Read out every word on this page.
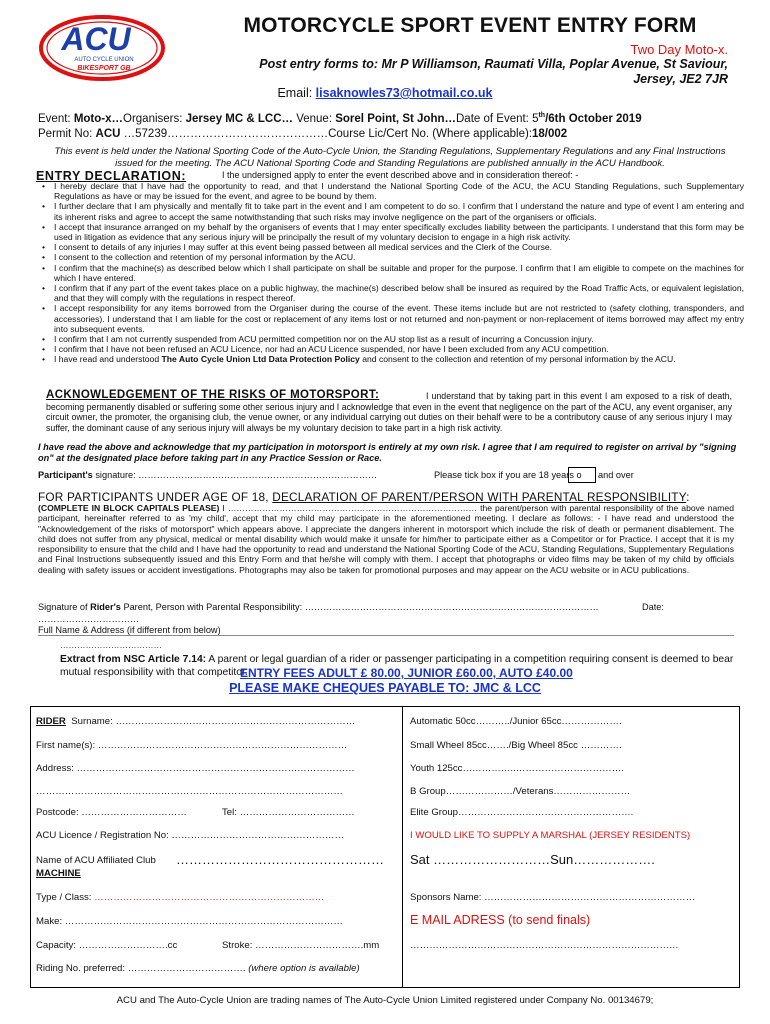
ACU
AUTO CYCLE UNION
BIKESPORT GB
MOTORCYCLE SPORT EVENT ENTRY FORM
Two Day Moto-x.
Post entry forms to: Mr P Williamson, Raumati Villa, Poplar Avenue, St Saviour,
Jersey, JE2 7JR
Email: lisaknowles73@hotmail.co.uk
Event: Moto-x…Organisers: Jersey MC & LCC… Venue: Sorel Point, St John…Date of Event: 5th/6th October 2019
Permit No: ACU …57239……………………………………Course Lic/Cert No. (Where applicable):18/002
This event is held under the National Sporting Code of the Auto-Cycle Union, the Standing Regulations, Supplementary Regulations and any Final Instructions issued for the meeting. The ACU National Sporting Code and Standing Regulations are published annually in the ACU Handbook.
ENTRY DECLARATION:	I the undersigned apply to enter the event described above and in consideration thereof: -
• I hereby declare that I have had the opportunity to read, and that I understand the National Sporting Code of the ACU, the ACU Standing Regulations, such Supplementary Regulations as have or may be issued for the event, and agree to be bound by them.
• I further declare that I am physically and mentally fit to take part in the event and I am competent to do so. I confirm that I understand the nature and type of event I am entering and its inherent risks and agree to accept the same notwithstanding that such risks may involve negligence on the part of the organisers or officials.
• I accept that insurance arranged on my behalf by the organisers of events that I may enter specifically excludes liability between the participants. I understand that this form may be used in litigation as evidence that any serious injury will be principally the result of my voluntary decision to engage in a high risk activity.
• I consent to details of any injuries I may suffer at this event being passed between all medical services and the Clerk of the Course.
• I consent to the collection and retention of my personal information by the ACU.
• I confirm that the machine(s) as described below which I shall participate on shall be suitable and proper for the purpose. I confirm that I am eligible to compete on the machines for which I have entered.
• I confirm that if any part of the event takes place on a public highway, the machine(s) described below shall be insured as required by the Road Traffic Acts, or equivalent legislation, and that they will comply with the regulations in respect thereof.
• I accept responsibility for any items borrowed from the Organiser during the course of the event. These items include but are not restricted to (safety clothing, transponders, and accessories). I understand that I am liable for the cost or replacement of any items lost or not returned and non-payment or non-replacement of items borrowed may affect my entry into subsequent events.
• I confirm that I am not currently suspended from ACU permitted competition nor on the AU stop list as a result of incurring a Concussion injury.
• I confirm that I have not been refused an ACU Licence, nor had an ACU Licence suspended, nor have I been excluded from any ACU competition.
• I have read and understood The Auto Cycle Union Ltd Data Protection Policy and consent to the collection and retention of my personal information by the ACU.
ACKNOWLEDGEMENT OF THE RISKS OF MOTORSPORT:	I understand that by taking part in this event I am exposed to a risk of death, becoming permanently disabled or suffering some other serious injury and I acknowledge that even in the event that negligence on the part of the ACU, any event organiser, any circuit owner, the promoter, the organising club, the venue owner, or any individual carrying out duties on their behalf were to be a contributory cause of any serious injury I may suffer, the dominant cause of any serious injury will always be my voluntary decision to take part in a high risk activity.
I have read the above and acknowledge that my participation in motorsport is entirely at my own risk. I agree that I am required to register on arrival by "signing on" at the designated place before taking part in any Practice Session or Race.
Participant's signature: ……………………………………………………………………	Please tick box if you are 18 years o and over
FOR PARTICIPANTS UNDER AGE OF 18, DECLARATION OF PARENT/PERSON WITH PARENTAL RESPONSIBILITY:
(COMPLETE IN BLOCK CAPITALS PLEASE) I …………………………………………………………………………… the parent/person with parental responsibility of the above named participant, hereinafter referred to as 'my child', accept that my child may participate in the aforementioned meeting. I declare as follows: - I have read and understood the "Acknowledgement of the risks of motorsport" which appears above. I appreciate the dangers inherent in motorsport which include the risk of death or permanent disablement. The child does not suffer from any physical, medical or mental disability which would make it unsafe for him/her to participate either as a Competitor or for Practice. I accept that it is my responsibility to ensure that the child and I have had the opportunity to read and understand the National Sporting Code of the ACU, Standing Regulations, Supplementary Regulations and Final Instructions subsequently issued and this Entry Form and that he/she will comply with them. I accept that photographs or video films may be taken of my child by officials dealing with safety issues or accident investigations. Photographs may also be taken for promotional purposes and may appear on the ACU website or in ACU publications.
Signature of Rider's Parent, Person with Parental Responsibility: ……………………………………………………………………………………	Date:
……………………………
Full Name & Address (if different from below)
………………………………
Extract from NSC Article 7.14: A parent or legal guardian of a rider or passenger participating in a competition requiring consent is deemed to bear mutual responsibility with that competitor.
ENTRY FEES ADULT £ 80.00, JUNIOR £60.00, AUTO £40.00
PLEASE MAKE CHEQUES PAYABLE TO: JMC & LCC
RIDER Surname: …………………………………………………………………
First name(s): ……………………………………………………………………
Address: ……………………………………………………………………………
……………………………………………………………………………………
Postcode: ……………………………	Tel: ………………………………
ACU Licence / Registration No: ………………………………………………
Name of ACU Affiliated Club …………………………………………
MACHINE
Type / Class: ………………………………………………………………
Make: ……………………………………………………………………………
Capacity: ……………………….cc	Stroke: …………………………….mm
Riding No. preferred: ………………………………. (where option is available)
Automatic 50cc………../Junior 65cc……………….
Small Wheel 85cc……./Big Wheel 85cc ………….
Youth 125cc……………..…………………………….
B Group…………………/Veterans……………………
Elite Group……………………………………………….
I WOULD LIKE TO SUPPLY A MARSHAL (JERSEY RESIDENTS)
Sat ………………………Sun……………….
Sponsors Name: …………………………………………………………
E MAIL ADRESS (to send finals)
…………………………………………………………………………
ACU and The Auto-Cycle Union are trading names of The Auto-Cycle Union Limited registered under Company No. 00134679;
